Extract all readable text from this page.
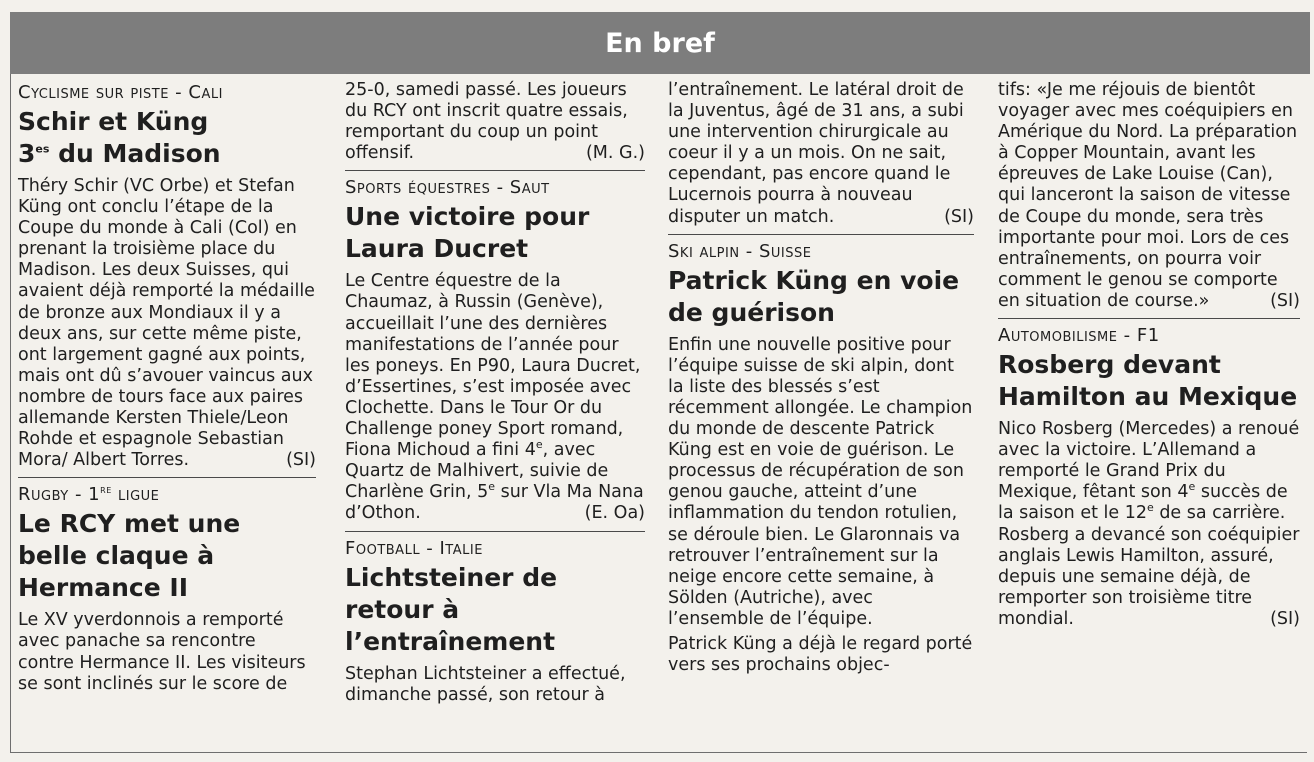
En bref
Cyclisme sur piste - Cali
Schir et Küng
$3^{es}$ du Madison

Théry Schir (VC Orbe) et Stefan Küng ont conclu l’étape de la Coupe du monde à Cali (Col) en prenant la troisième place du Madison. Les deux Suisses, qui avaient déjà remporté la médaille de bronze aux Mondiaux il y a deux ans, sur cette même piste, ont largement gagné aux points, mais ont dû s’avouer vaincus aux nombre de tours face aux paires allemande Kersten Thiele/Leon Rohde et espagnole Sebastian Mora/ Albert Torres.	(SI)

Rugby - 1re ligue
Le RCY met une belle claque à Hermance II

Le XV yverdonnois a remporté avec panache sa rencontre contre Hermance II. Les visiteurs se sont inclinés sur le score de

25-0, samedi passé. Les joueurs du RCY ont inscrit quatre essais, remportant du coup un point offensif.	(M. G.)

Sports équestres - Saut
Une victoire pour Laura Ducret

Le Centre équestre de la Chaumaz, à Russin (Genève), accueillait l’une des dernières manifestations de l’année pour les poneys. En P90, Laura Ducret, d’Essertines, s’est imposée avec Clochette. Dans le Tour Or du Challenge poney Sport romand, Fiona Michoud a fini 4e, avec Quartz de Malhivert, suivie de Charlène Grin, 5e sur Vla Ma Nana d’Othon.	(E. Oa)

Football - Italie
Lichtsteiner de retour à l’entraînement

Stephan Lichtsteiner a effectué, dimanche passé, son retour à

l’entraînement. Le latéral droit de la Juventus, âgé de 31 ans, a subi une intervention chirurgicale au coeur il y a un mois. On ne sait, cependant, pas encore quand le Lucernois pourra à nouveau disputer un match.	(SI)

Ski alpin - Suisse
Patrick Küng en voie de guérison

Enfin une nouvelle positive pour l’équipe suisse de ski alpin, dont la liste des blessés s’est récemment allongée. Le champion du monde de descente Patrick Küng est en voie de guérison. Le processus de récupération de son genou gauche, atteint d’une inflammation du tendon rotulien, se déroule bien. Le Glaronnais va retrouver l’entraînement sur la neige encore cette semaine, à Sölden (Autriche), avec l’ensemble de l’équipe.

Patrick Küng a déjà le regard porté vers ses prochains objec-

tifs: «Je me réjouis de bientôt voyager avec mes coéquipiers en Amérique du Nord. La préparation à Copper Mountain, avant les épreuves de Lake Louise (Can), qui lanceront la saison de vitesse de Coupe du monde, sera très importante pour moi. Lors de ces entraînements, on pourra voir comment le genou se comporte en situation de course.»	(SI)

Automobilisme - F1
Rosberg devant Hamilton au Mexique

Nico Rosberg (Mercedes) a renoué avec la victoire. L’Allemand a remporté le Grand Prix du Mexique, fêtant son 4e succès de la saison et le 12e de sa carrière. Rosberg a devancé son coéquipier anglais Lewis Hamilton, assuré, depuis une semaine déjà, de remporter son troisième titre mondial.	(SI)
